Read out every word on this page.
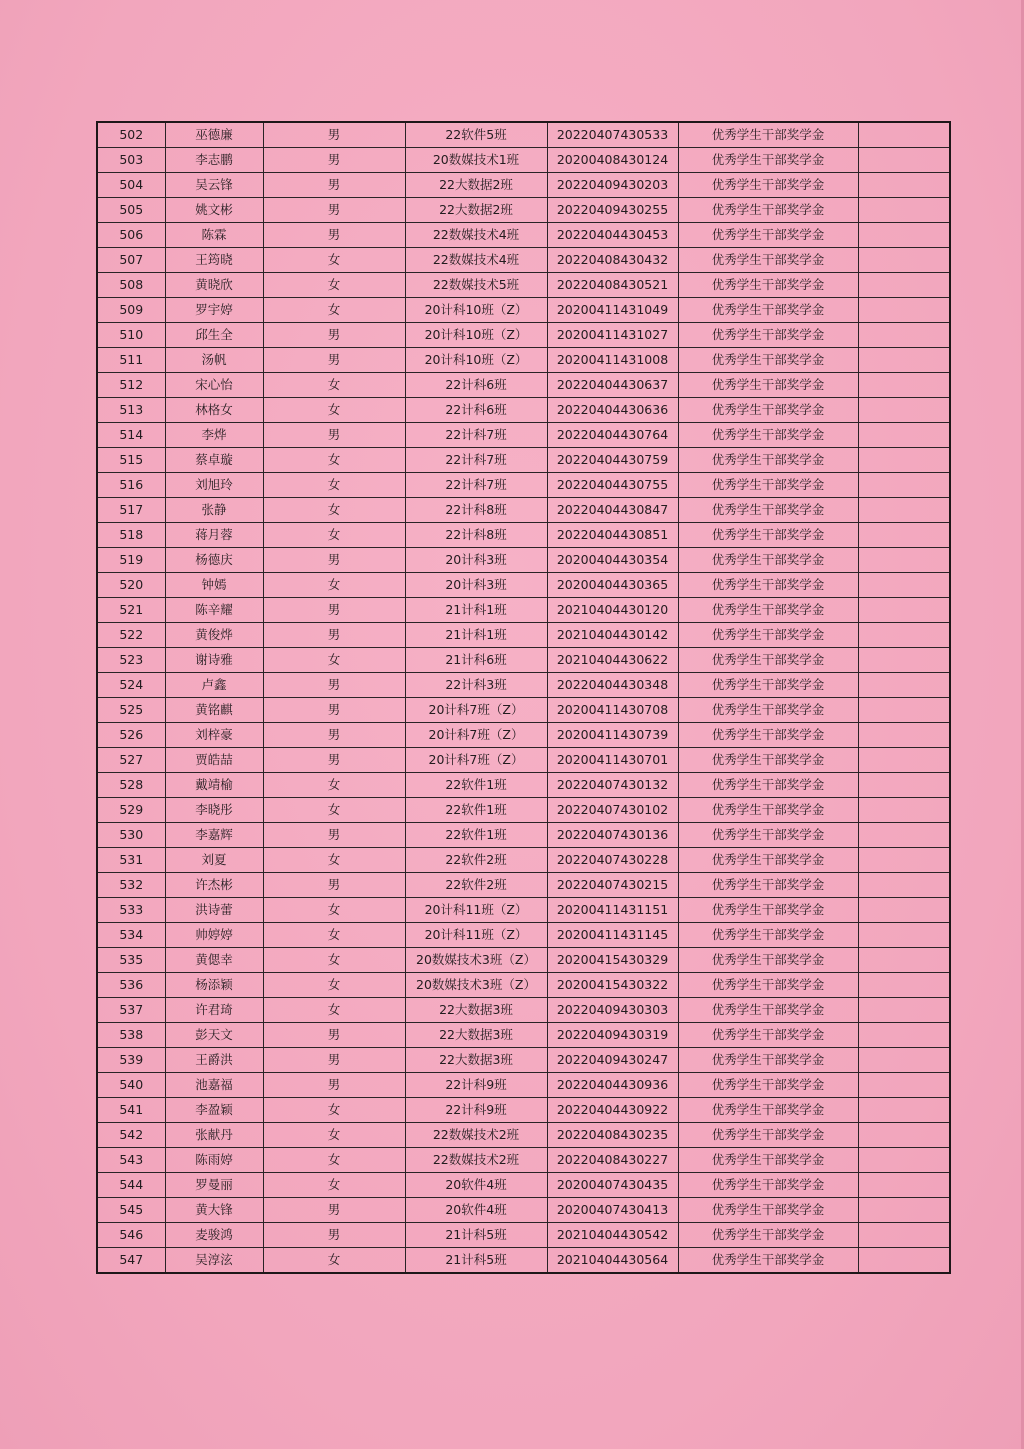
502	巫德廉	男	22软件5班	20220407430533	优秀学生干部奖学金	
503	李志鹏	男	20数媒技术1班	20200408430124	优秀学生干部奖学金	
504	吴云锋	男	22大数据2班	20220409430203	优秀学生干部奖学金	
505	姚文彬	男	22大数据2班	20220409430255	优秀学生干部奖学金	
506	陈霖	男	22数媒技术4班	20220404430453	优秀学生干部奖学金	
507	王筠晓	女	22数媒技术4班	20220408430432	优秀学生干部奖学金	
508	黄晓欣	女	22数媒技术5班	20220408430521	优秀学生干部奖学金	
509	罗宇婷	女	20计科10班（Z）	20200411431049	优秀学生干部奖学金	
510	邱生全	男	20计科10班（Z）	20200411431027	优秀学生干部奖学金	
511	汤帆	男	20计科10班（Z）	20200411431008	优秀学生干部奖学金	
512	宋心怡	女	22计科6班	20220404430637	优秀学生干部奖学金	
513	林格女	女	22计科6班	20220404430636	优秀学生干部奖学金	
514	李烨	男	22计科7班	20220404430764	优秀学生干部奖学金	
515	蔡卓璇	女	22计科7班	20220404430759	优秀学生干部奖学金	
516	刘旭玲	女	22计科7班	20220404430755	优秀学生干部奖学金	
517	张静	女	22计科8班	20220404430847	优秀学生干部奖学金	
518	蒋月蓉	女	22计科8班	20220404430851	优秀学生干部奖学金	
519	杨德庆	男	20计科3班	20200404430354	优秀学生干部奖学金	
520	钟嫣	女	20计科3班	20200404430365	优秀学生干部奖学金	
521	陈辛耀	男	21计科1班	20210404430120	优秀学生干部奖学金	
522	黄俊烨	男	21计科1班	20210404430142	优秀学生干部奖学金	
523	谢诗雅	女	21计科6班	20210404430622	优秀学生干部奖学金	
524	卢鑫	男	22计科3班	20220404430348	优秀学生干部奖学金	
525	黄铭麒	男	20计科7班（Z）	20200411430708	优秀学生干部奖学金	
526	刘梓豪	男	20计科7班（Z）	20200411430739	优秀学生干部奖学金	
527	贾皓喆	男	20计科7班（Z）	20200411430701	优秀学生干部奖学金	
528	戴靖榆	女	22软件1班	20220407430132	优秀学生干部奖学金	
529	李晓彤	女	22软件1班	20220407430102	优秀学生干部奖学金	
530	李嘉辉	男	22软件1班	20220407430136	优秀学生干部奖学金	
531	刘夏	女	22软件2班	20220407430228	优秀学生干部奖学金	
532	许杰彬	男	22软件2班	20220407430215	优秀学生干部奖学金	
533	洪诗蕾	女	20计科11班（Z）	20200411431151	优秀学生干部奖学金	
534	帅婷婷	女	20计科11班（Z）	20200411431145	优秀学生干部奖学金	
535	黄偲幸	女	20数媒技术3班（Z）	20200415430329	优秀学生干部奖学金	
536	杨添颖	女	20数媒技术3班（Z）	20200415430322	优秀学生干部奖学金	
537	许君琦	女	22大数据3班	20220409430303	优秀学生干部奖学金	
538	彭天文	男	22大数据3班	20220409430319	优秀学生干部奖学金	
539	王爵洪	男	22大数据3班	20220409430247	优秀学生干部奖学金	
540	池嘉福	男	22计科9班	20220404430936	优秀学生干部奖学金	
541	李盈颖	女	22计科9班	20220404430922	优秀学生干部奖学金	
542	张献丹	女	22数媒技术2班	20220408430235	优秀学生干部奖学金	
543	陈雨婷	女	22数媒技术2班	20220408430227	优秀学生干部奖学金	
544	罗曼丽	女	20软件4班	20200407430435	优秀学生干部奖学金	
545	黄大锋	男	20软件4班	20200407430413	优秀学生干部奖学金	
546	麦骏鸿	男	21计科5班	20210404430542	优秀学生干部奖学金	
547	吴淳泫	女	21计科5班	20210404430564	优秀学生干部奖学金	
